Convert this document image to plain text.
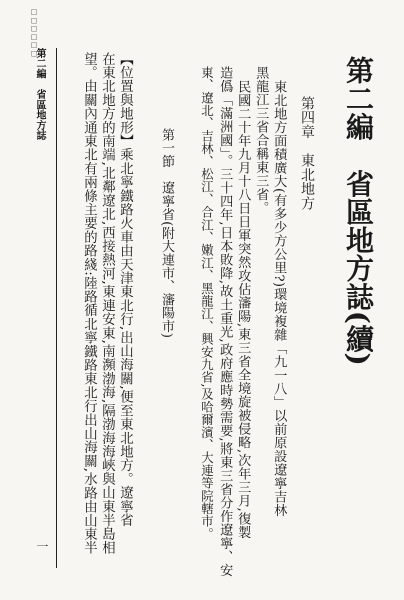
□□□□□□
第二編　省區地方誌(續)
第四章　東北地方
東北地方面積廣大(有多少方公里?)環境複雜「九一八」以前原設遼寧吉林
黑龍江三省合稱東三省。
民國二十年九月十八日日軍突然攻佔瀋陽,東三省全境旋被侵略,次年三月,復製
造僞「滿洲國」。三十四年,日本敗降,故土重光,政府應時勢需要,將東三省分作遼寧、安
東、遼北、吉林、松江、合江、嫩江、黑龍江、興安九省,及哈爾濱、大連等院轄市。
第一節　遼寧省(附大連市、瀋陽市)
【位置與地形】乘北寧鐵路火車由天津東北行,出山海關,便至東北地方。遼寧省
在東北地方的南端,北鄰遼北,西接熱河,東連安東,南瀕渤海,隔渤海海峽與山東半島相
望。由關內通東北有兩條主要的路綫:陸路循北寧鐵路東北行出山海關,水路由山東半
第二編　省區地方誌
一
